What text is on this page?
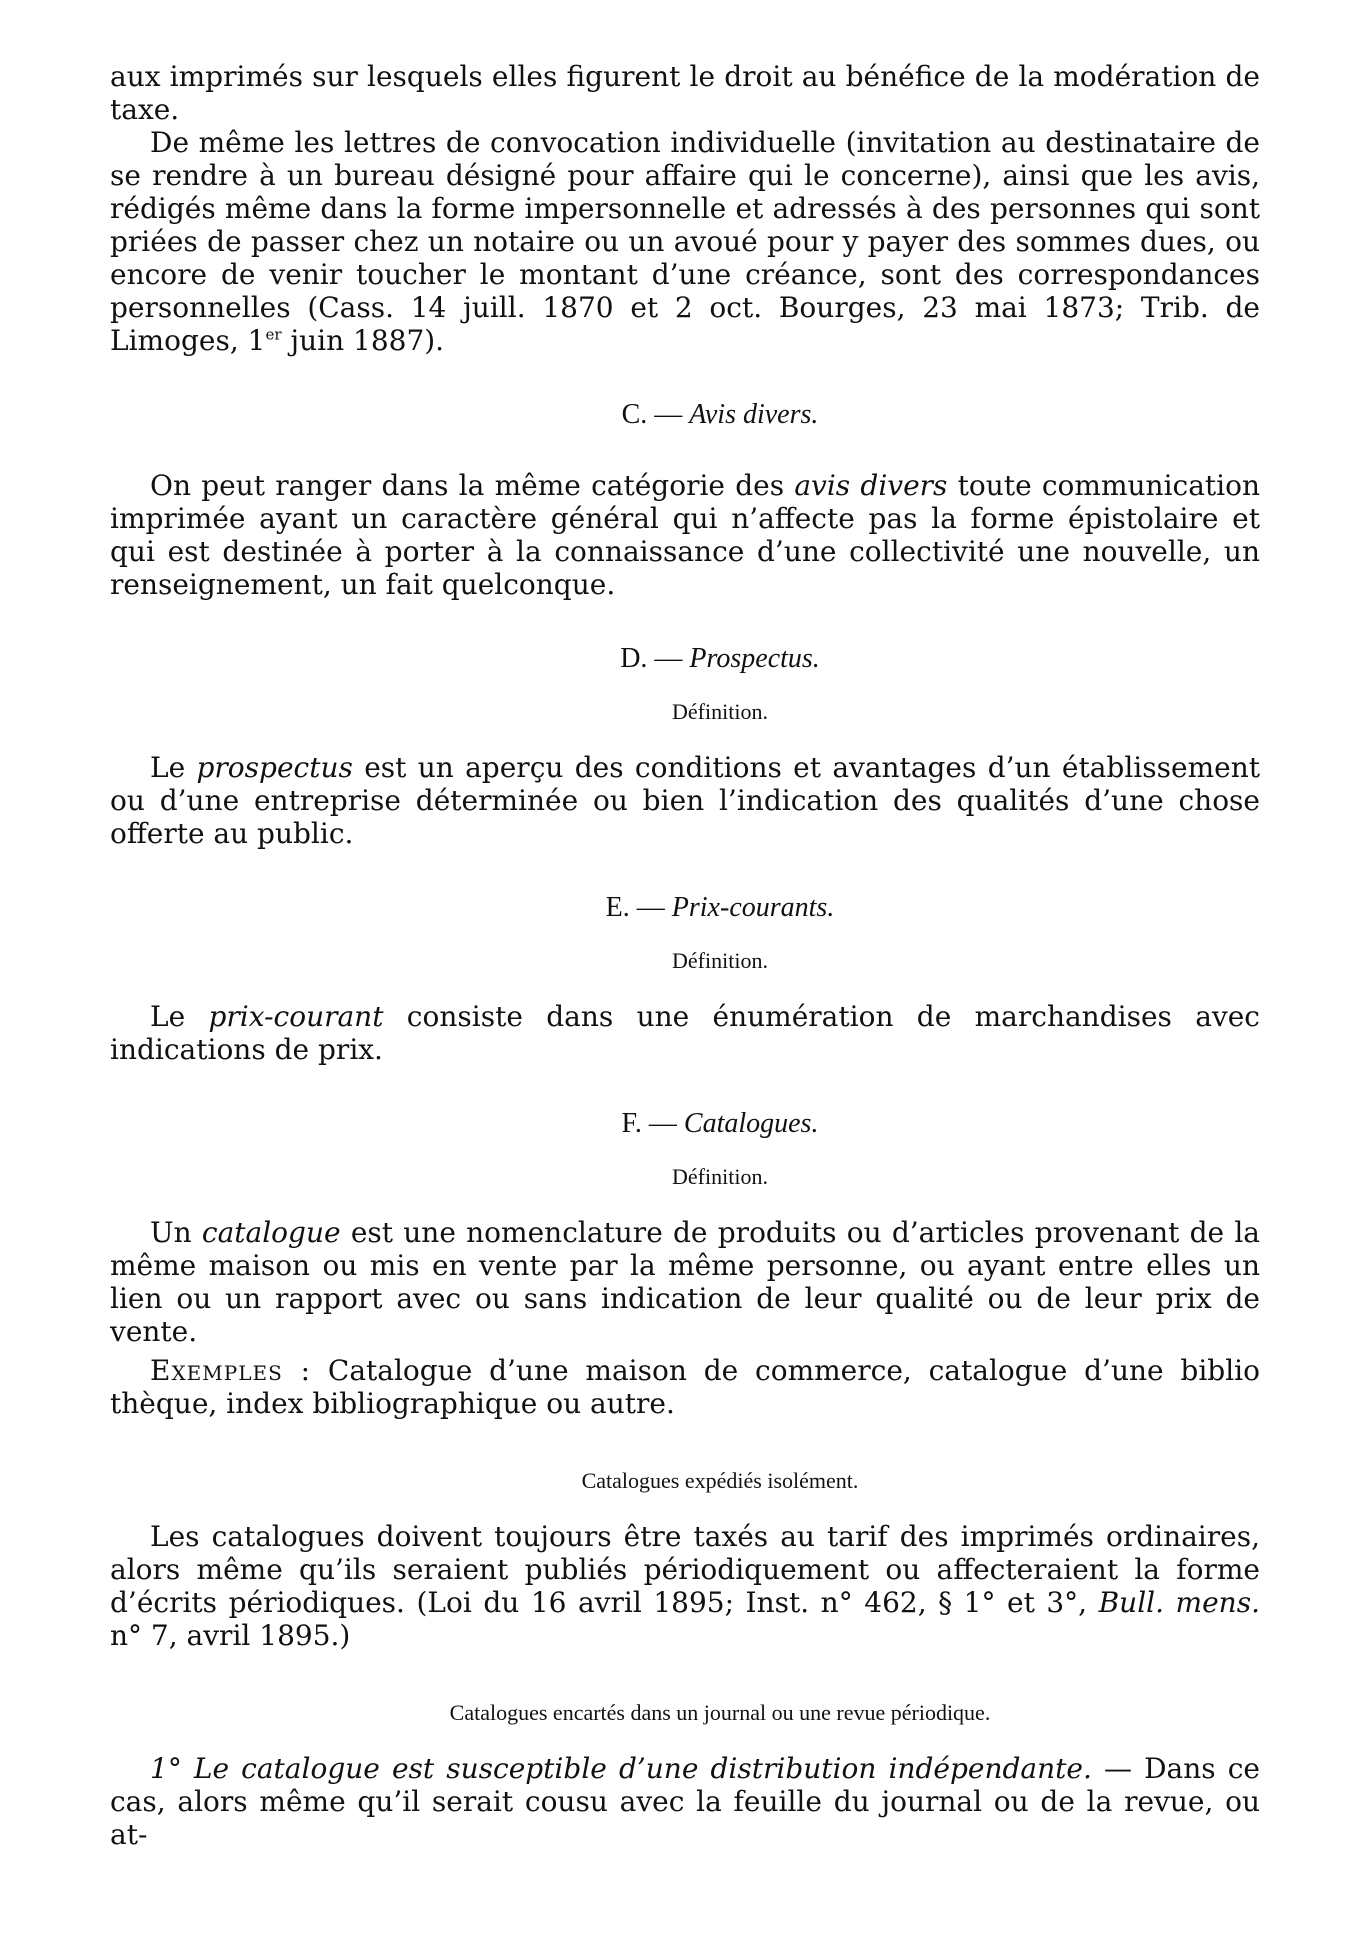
aux imprimés sur lesquels elles figurent le droit au bénéfice de la modération de taxe.

De même les lettres de convocation individuelle (invitation au destinataire de se rendre à un bureau désigné pour affaire qui le concerne), ainsi que les avis, rédigés même dans la forme impersonnelle et adressés à des personnes qui sont priées de passer chez un notaire ou un avoué pour y payer des sommes dues, ou encore de venir toucher le montant d’une créance, sont des correspondances personnelles (Cass. 14 juill. 1870 et 2 oct. Bourges, 23 mai 1873; Trib. de Limoges, 1er juin 1887).

C. — Avis divers.

On peut ranger dans la même catégorie des avis divers toute communication imprimée ayant un caractère général qui n’affecte pas la forme épistolaire et qui est destinée à porter à la connaissance d’une collectivité une nouvelle, un renseignement, un fait quelconque.

D. — Prospectus.
Définition.

Le prospectus est un aperçu des conditions et avantages d’un établissement ou d’une entreprise déterminée ou bien l’indication des qualités d’une chose offerte au public.

E. — Prix-courants.
Définition.

Le prix-courant consiste dans une énumération de marchandises avec indications de prix.

F. — Catalogues.
Définition.

Un catalogue est une nomenclature de produits ou d’articles provenant de la même maison ou mis en vente par la même personne, ou ayant entre elles un lien ou un rapport avec ou sans indication de leur qualité ou de leur prix de vente.

Exemples : Catalogue d’une maison de commerce, catalogue d’une biblio thèque, index bibliographique ou autre.

Catalogues expédiés isolément.

Les catalogues doivent toujours être taxés au tarif des imprimés ordinaires, alors même qu’ils seraient publiés périodiquement ou affecteraient la forme d’écrits périodiques. (Loi du 16 avril 1895; Inst. n° 462, § 1° et 3°, Bull. mens. n° 7, avril 1895.)

Catalogues encartés dans un journal ou une revue périodique.

1° Le catalogue est susceptible d’une distribution indépendante. — Dans ce cas, alors même qu’il serait cousu avec la feuille du journal ou de la revue, ou at-
